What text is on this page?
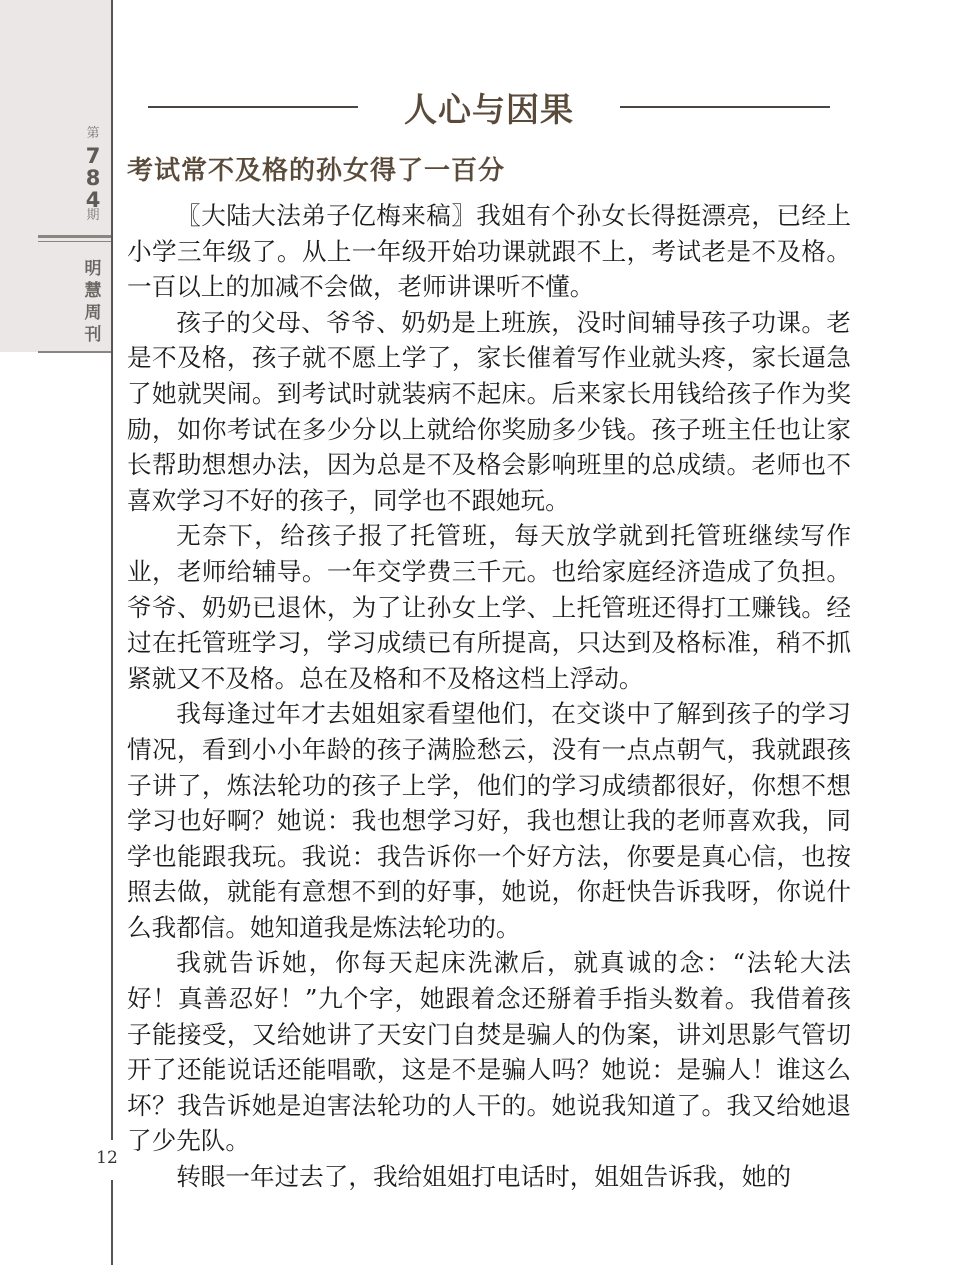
第
784
期
明慧周刊
12
人心与因果
考试常不及格的孙女得了一百分

〖大陆大法弟子亿梅来稿〗我姐有个孙女长得挺漂亮，已经上小学三年级了。从上一年级开始功课就跟不上，考试老是不及格。一百以上的加减不会做，老师讲课听不懂。

孩子的父母、爷爷、奶奶是上班族，没时间辅导孩子功课。老是不及格，孩子就不愿上学了，家长催着写作业就头疼，家长逼急了她就哭闹。到考试时就装病不起床。后来家长用钱给孩子作为奖励，如你考试在多少分以上就给你奖励多少钱。孩子班主任也让家长帮助想想办法，因为总是不及格会影响班里的总成绩。老师也不喜欢学习不好的孩子，同学也不跟她玩。

无奈下，给孩子报了托管班，每天放学就到托管班继续写作业，老师给辅导。一年交学费三千元。也给家庭经济造成了负担。爷爷、奶奶已退休，为了让孙女上学、上托管班还得打工赚钱。经过在托管班学习，学习成绩已有所提高，只达到及格标准，稍不抓紧就又不及格。总在及格和不及格这档上浮动。

我每逢过年才去姐姐家看望他们，在交谈中了解到孩子的学习情况，看到小小年龄的孩子满脸愁云，没有一点点朝气，我就跟孩子讲了，炼法轮功的孩子上学，他们的学习成绩都很好，你想不想学习也好啊？她说：我也想学习好，我也想让我的老师喜欢我，同学也能跟我玩。我说：我告诉你一个好方法，你要是真心信，也按照去做，就能有意想不到的好事，她说，你赶快告诉我呀，你说什么我都信。她知道我是炼法轮功的。

我就告诉她，你每天起床洗漱后，就真诚的念：“法轮大法好！真善忍好！”九个字，她跟着念还掰着手指头数着。我借着孩子能接受，又给她讲了天安门自焚是骗人的伪案，讲刘思影气管切开了还能说话还能唱歌，这是不是骗人吗？她说：是骗人！谁这么坏？我告诉她是迫害法轮功的人干的。她说我知道了。我又给她退了少先队。

转眼一年过去了，我给姐姐打电话时，姐姐告诉我，她的
